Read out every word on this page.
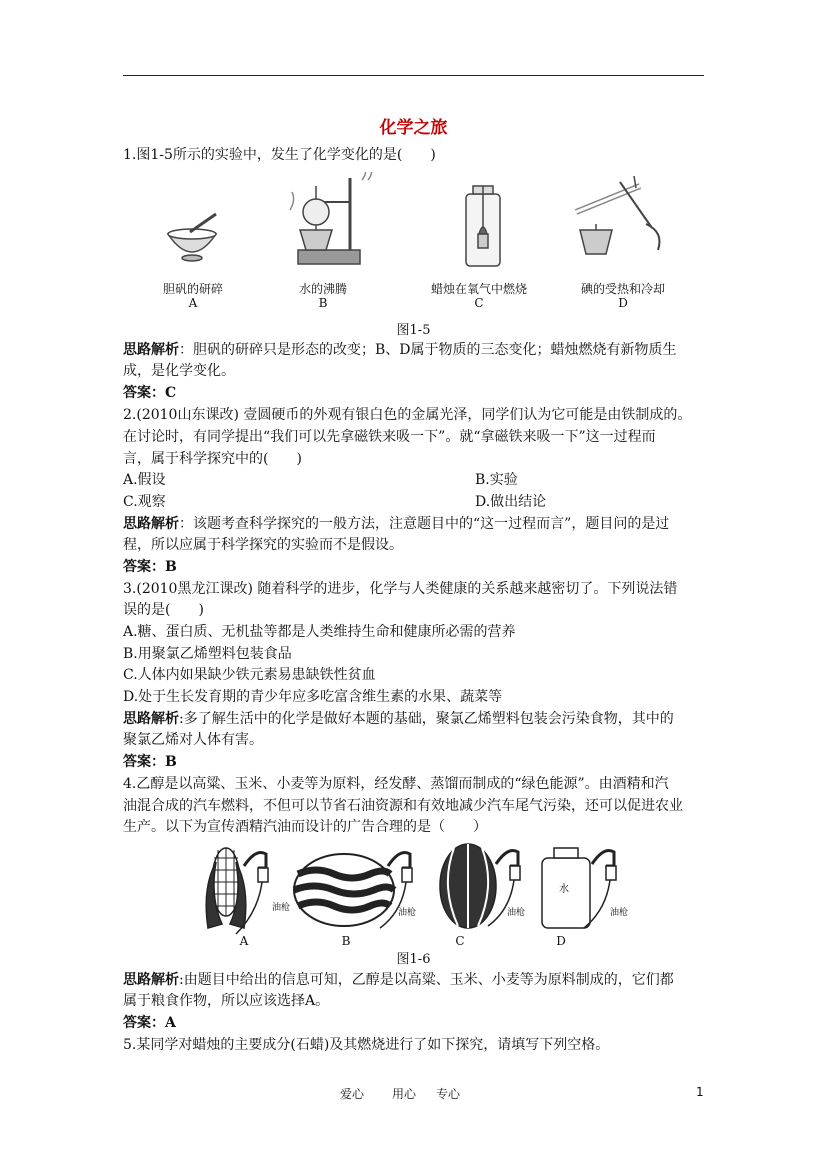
化学之旅
1.图1-5所示的实验中，发生了化学变化的是(　　)
胆矾的研碎	水的沸腾	蜡烛在氧气中燃烧	碘的受热和冷却
A	B	C	D
图1-5
思路解析：胆矾的研碎只是形态的改变；B、D属于物质的三态变化；蜡烛燃烧有新物质生
成，是化学变化。
答案：C
2.(2010山东课改) 壹圆硬币的外观有银白色的金属光泽，同学们认为它可能是由铁制成的。
在讨论时，有同学提出“我们可以先拿磁铁来吸一下”。就“拿磁铁来吸一下”这一过程而
言，属于科学探究中的(　　)
A.假设	B.实验
C.观察	D.做出结论
思路解析：该题考查科学探究的一般方法，注意题目中的“这一过程而言”，题目问的是过
程，所以应属于科学探究的实验而不是假设。
答案：B
3.(2010黑龙江课改) 随着科学的进步，化学与人类健康的关系越来越密切了。下列说法错
误的是(　　)
A.糖、蛋白质、无机盐等都是人类维持生命和健康所必需的营养
B.用聚氯乙烯塑料包装食品
C.人体内如果缺少铁元素易患缺铁性贫血
D.处于生长发育期的青少年应多吃富含维生素的水果、蔬菜等
思路解析:多了解生活中的化学是做好本题的基础，聚氯乙烯塑料包装会污染食物，其中的
聚氯乙烯对人体有害。
答案：B
4.乙醇是以高粱、玉米、小麦等为原料，经发酵、蒸馏而制成的“绿色能源”。由酒精和汽
油混合成的汽车燃料，不但可以节省石油资源和有效地减少汽车尾气污染，还可以促进农业
生产。以下为宣传酒精汽油而设计的广告合理的是（　　）
油枪	油枪	油枪	油枪
水
A	B	C	D
图1-6
思路解析:由题目中给出的信息可知，乙醇是以高粱、玉米、小麦等为原料制成的，它们都
属于粮食作物，所以应该选择A。
答案：A
5.某同学对蜡烛的主要成分(石蜡)及其燃烧进行了如下探究，请填写下列空格。
爱心 用心 专心	1
